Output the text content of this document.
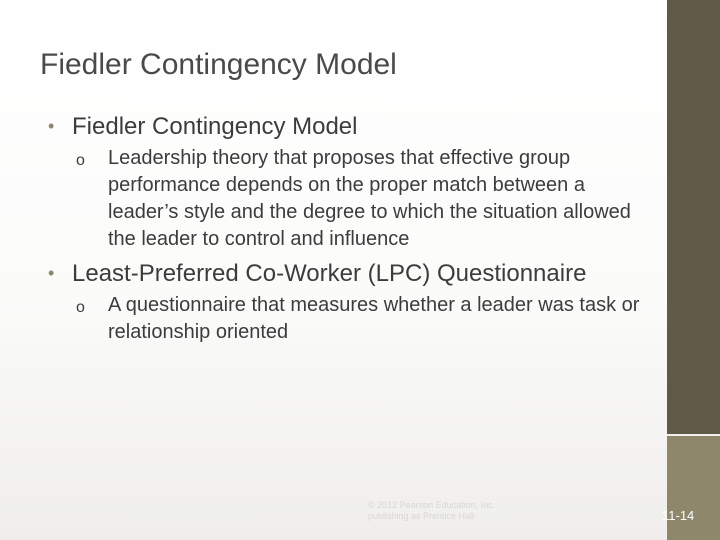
Fiedler Contingency Model
• Fiedler Contingency Model
o Leadership theory that proposes that effective group performance depends on the proper match between a leader’s style and the degree to which the situation allowed the leader to control and influence
• Least-Preferred Co-Worker (LPC) Questionnaire
o A questionnaire that measures whether a leader was task or relationship oriented
© 2012 Pearson Education, Inc. publishing as Prentice Hall	11-14
